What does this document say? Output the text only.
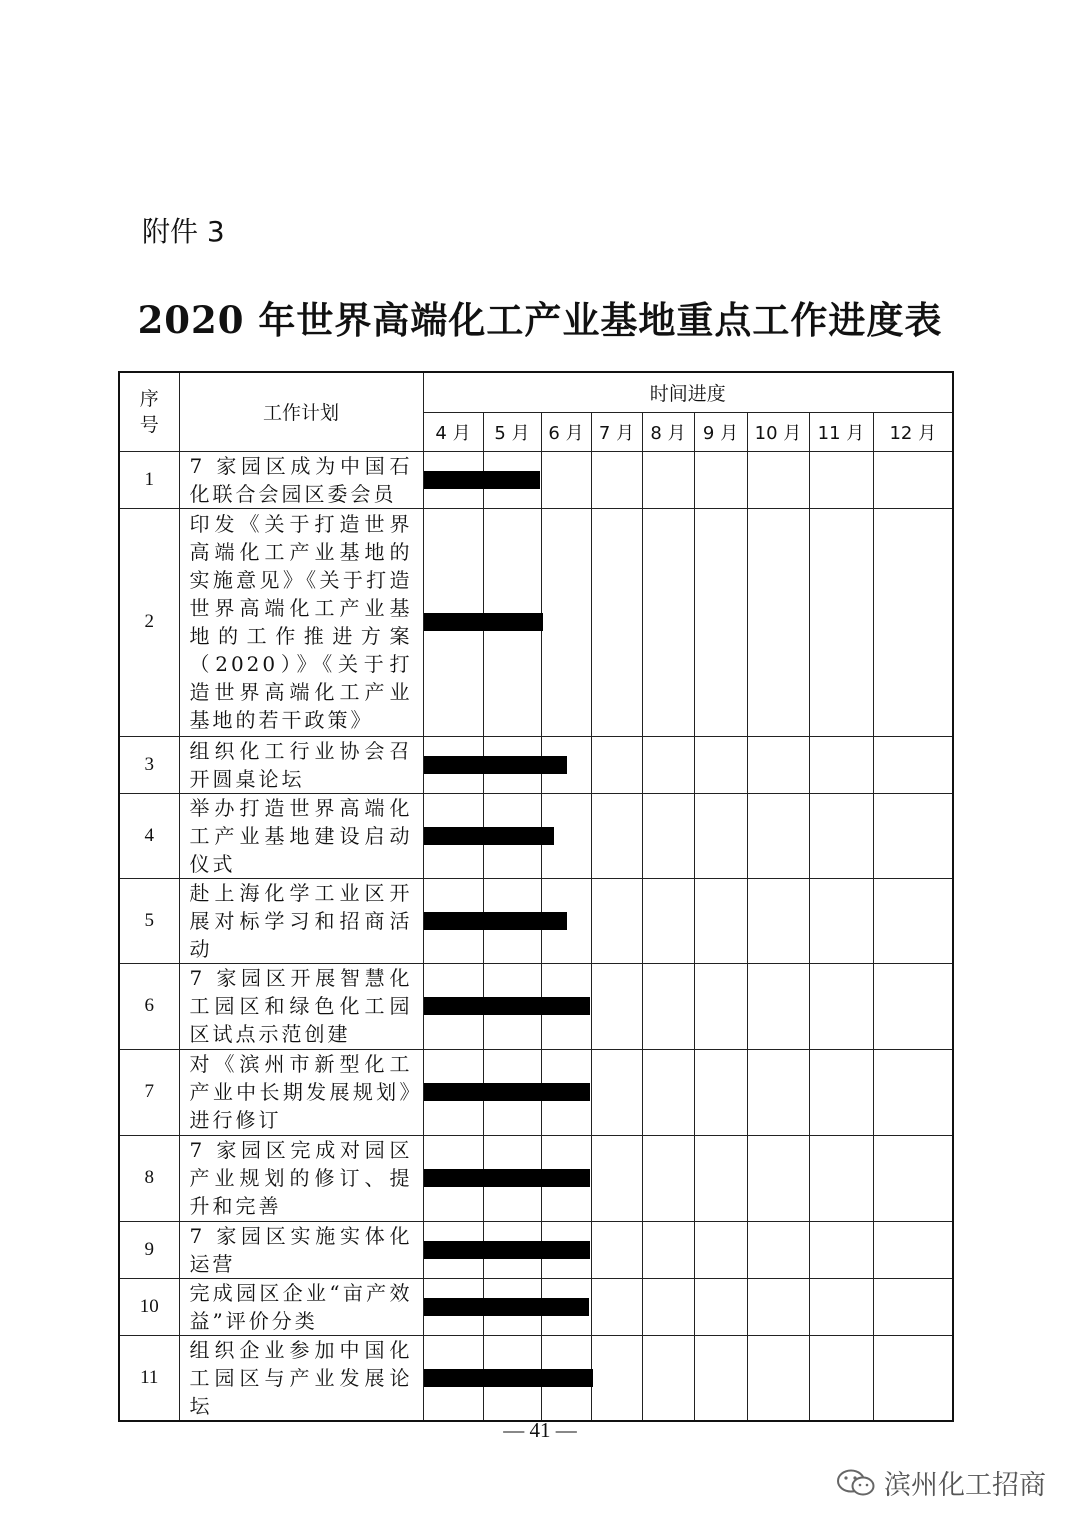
附件 3
2020 年世界高端化工产业基地重点工作进度表
序号	工作计划	时间进度								
		4 月	5 月	6 月	7 月	8 月	9 月	10 月	11 月	12 月
1	7 家园区成为中国石化联合会园区委会员	

2	印发《关于打造世界高端化工产业基地的实施意见》《关于打造世界高端化工产业基地的工作推进方案（2020）》《关于打造世界高端化工产业基地的若干政策》	

3	组织化工行业协会召开圆桌论坛	

4	举办打造世界高端化工产业基地建设启动仪式	

5	赴上海化学工业区开展对标学习和招商活动	

6	7 家园区开展智慧化工园区和绿色化工园区试点示范创建	

7	对《滨州市新型化工产业中长期发展规划》进行修订	

8	7 家园区完成对园区产业规划的修订、提升和完善	

9	7 家园区实施实体化运营	

10	完成园区企业“亩产效益”评价分类	

11	组织企业参加中国化工园区与产业发展论坛	

— 41 —
滨州化工招商
